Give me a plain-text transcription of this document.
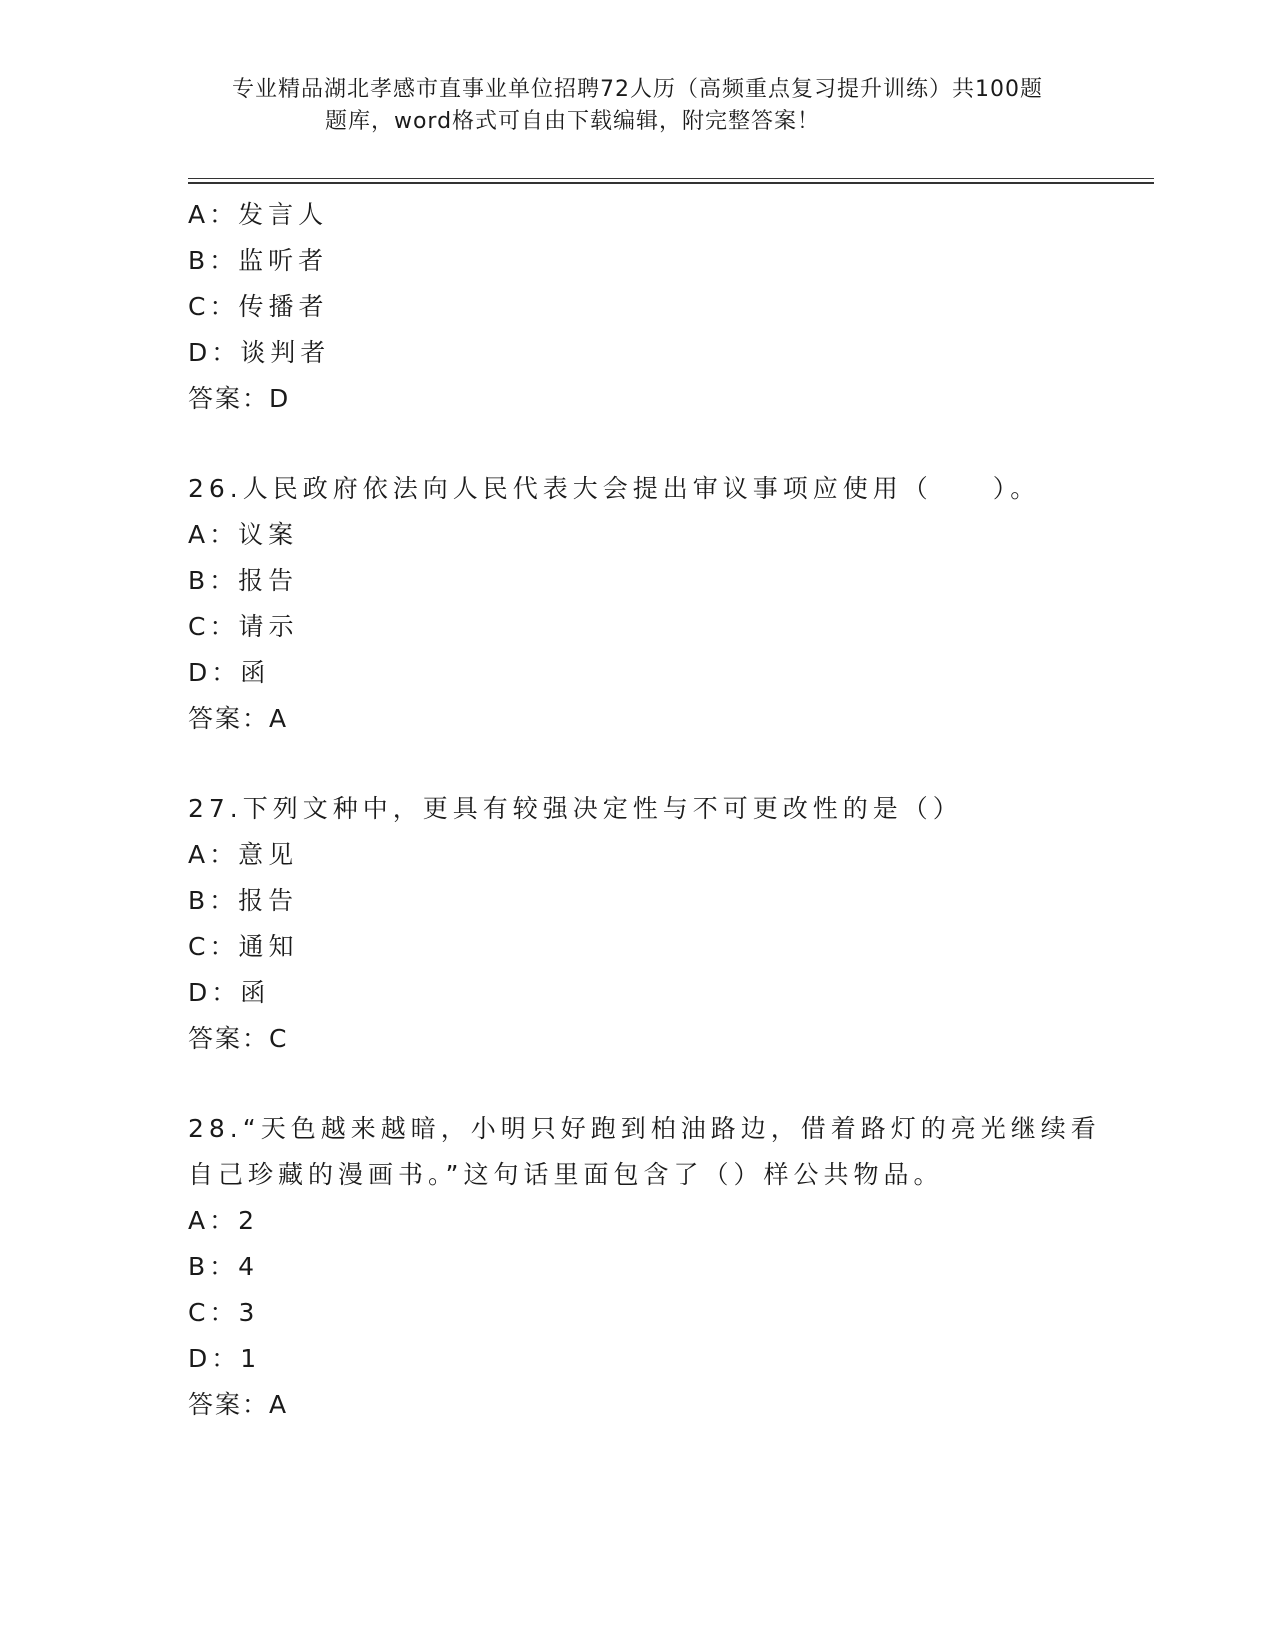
专业精品湖北孝感市直事业单位招聘72人历（高频重点复习提升训练）共100题
题库，word格式可自由下载编辑，附完整答案！
A：发言人
B：监听者
C：传播者
D：谈判者
答案：D
26.人民政府依法向人民代表大会提出审议事项应使用（　　）。
A：议案
B：报告
C：请示
D：函
答案：A
27.下列文种中，更具有较强决定性与不可更改性的是（）
A：意见
B：报告
C：通知
D：函
答案：C
28.“天色越来越暗，小明只好跑到柏油路边，借着路灯的亮光继续看
自己珍藏的漫画书。”这句话里面包含了（）样公共物品。
A：2
B：4
C：3
D：1
答案：A
